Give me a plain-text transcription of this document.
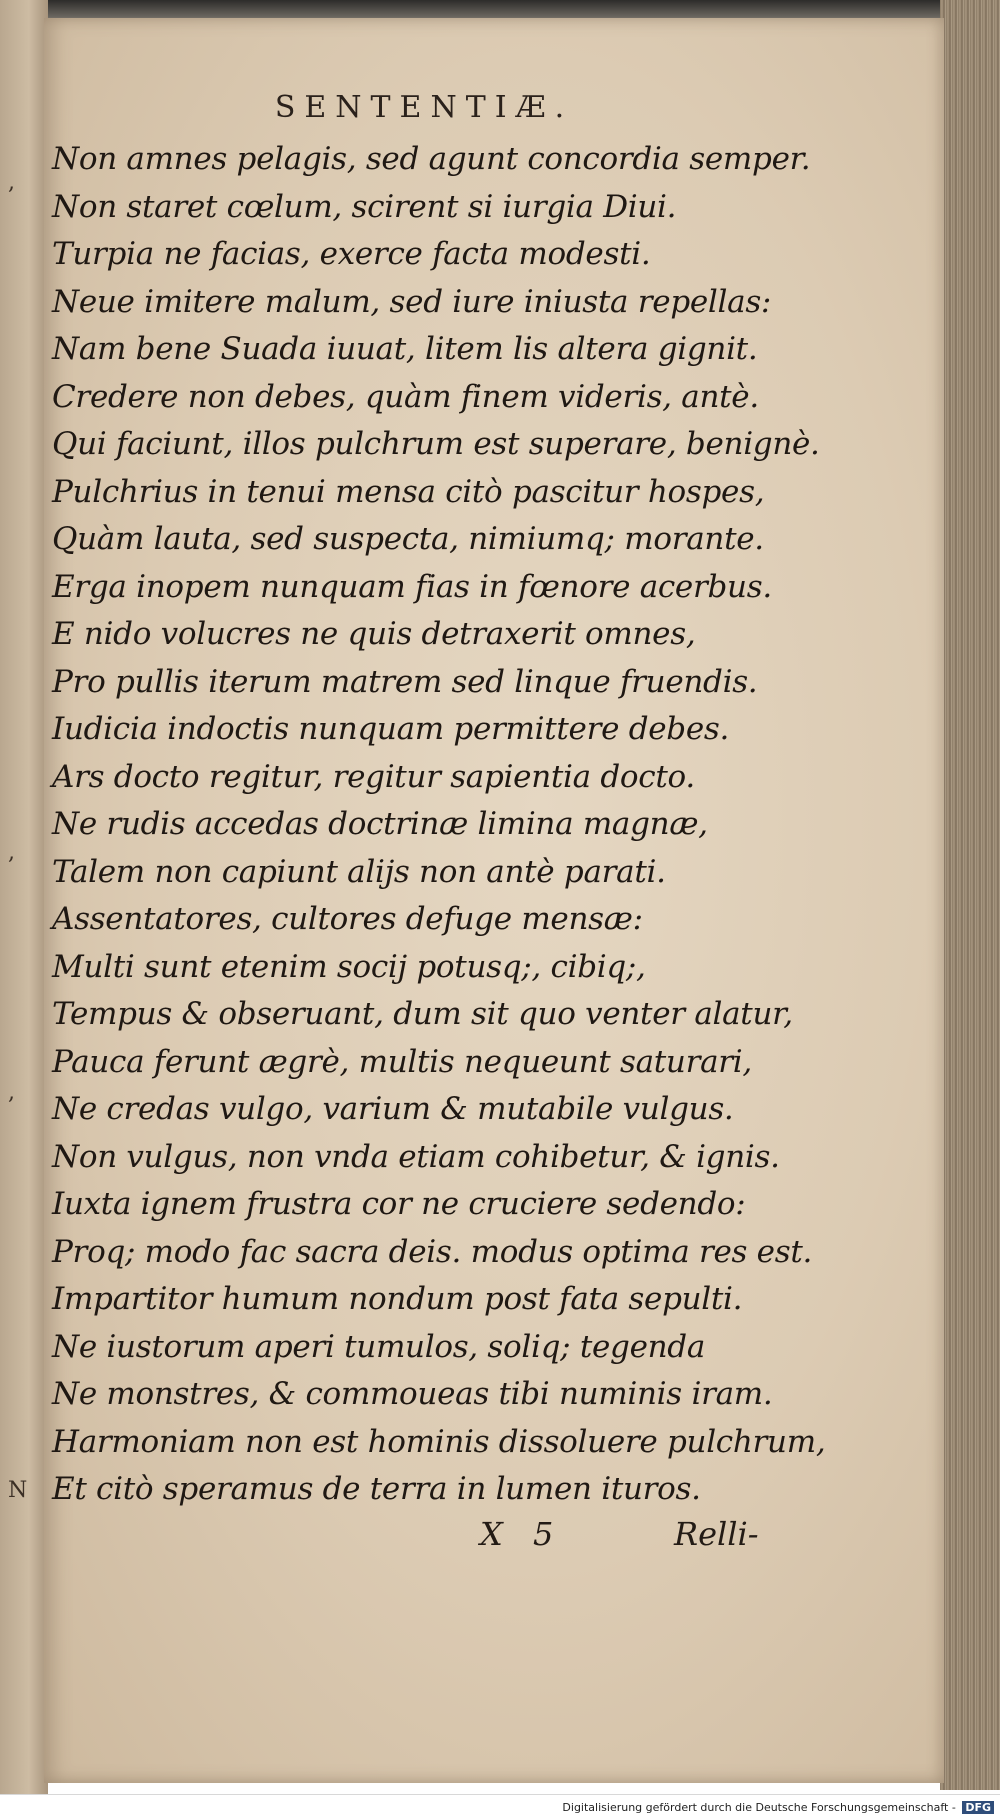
,
,
,
N
SENTENTIÆ.
Non amnes pelagis, sed agunt concordia semper.
Non staret cœlum, scirent si iurgia Diui.
Turpia ne facias, exerce facta modesti.
Neue imitere malum, sed iure iniusta repellas:
Nam bene Suada iuuat, litem lis altera gignit.
Credere non debes, quàm finem videris, antè.
Qui faciunt, illos pulchrum est superare, benignè.
Pulchrius in tenui mensa citò pascitur hospes,
Quàm lauta, sed suspecta, nimiumq; morante.
Erga inopem nunquam fias in fœnore acerbus.
E nido volucres ne quis detraxerit omnes,
Pro pullis iterum matrem sed linque fruendis.
Iudicia indoctis nunquam permittere debes.
Ars docto regitur, regitur sapientia docto.
Ne rudis accedas doctrinæ limina magnæ,
Talem non capiunt alijs non antè parati.
Assentatores, cultores defuge mensæ:
Multi sunt etenim socij potusq;, cibiq;,
Tempus & obseruant, dum sit quo venter alatur,
Pauca ferunt ægrè, multis nequeunt saturari,
Ne credas vulgo, varium & mutabile vulgus.
Non vulgus, non vnda etiam cohibetur, & ignis.
Iuxta ignem frustra cor ne cruciere sedendo:
Proq; modo fac sacra deis. modus optima res est.
Impartitor humum nondum post fata sepulti.
Ne iustorum aperi tumulos, soliq; tegenda
Ne monstres, & commoueas tibi numinis iram.
Harmoniam non est hominis dissoluere pulchrum,
Et citò speramus de terra in lumen ituros.
X 5	Relli-
Digitalisierung gefördert durch die Deutsche Forschungsgemeinschaft - DFG
